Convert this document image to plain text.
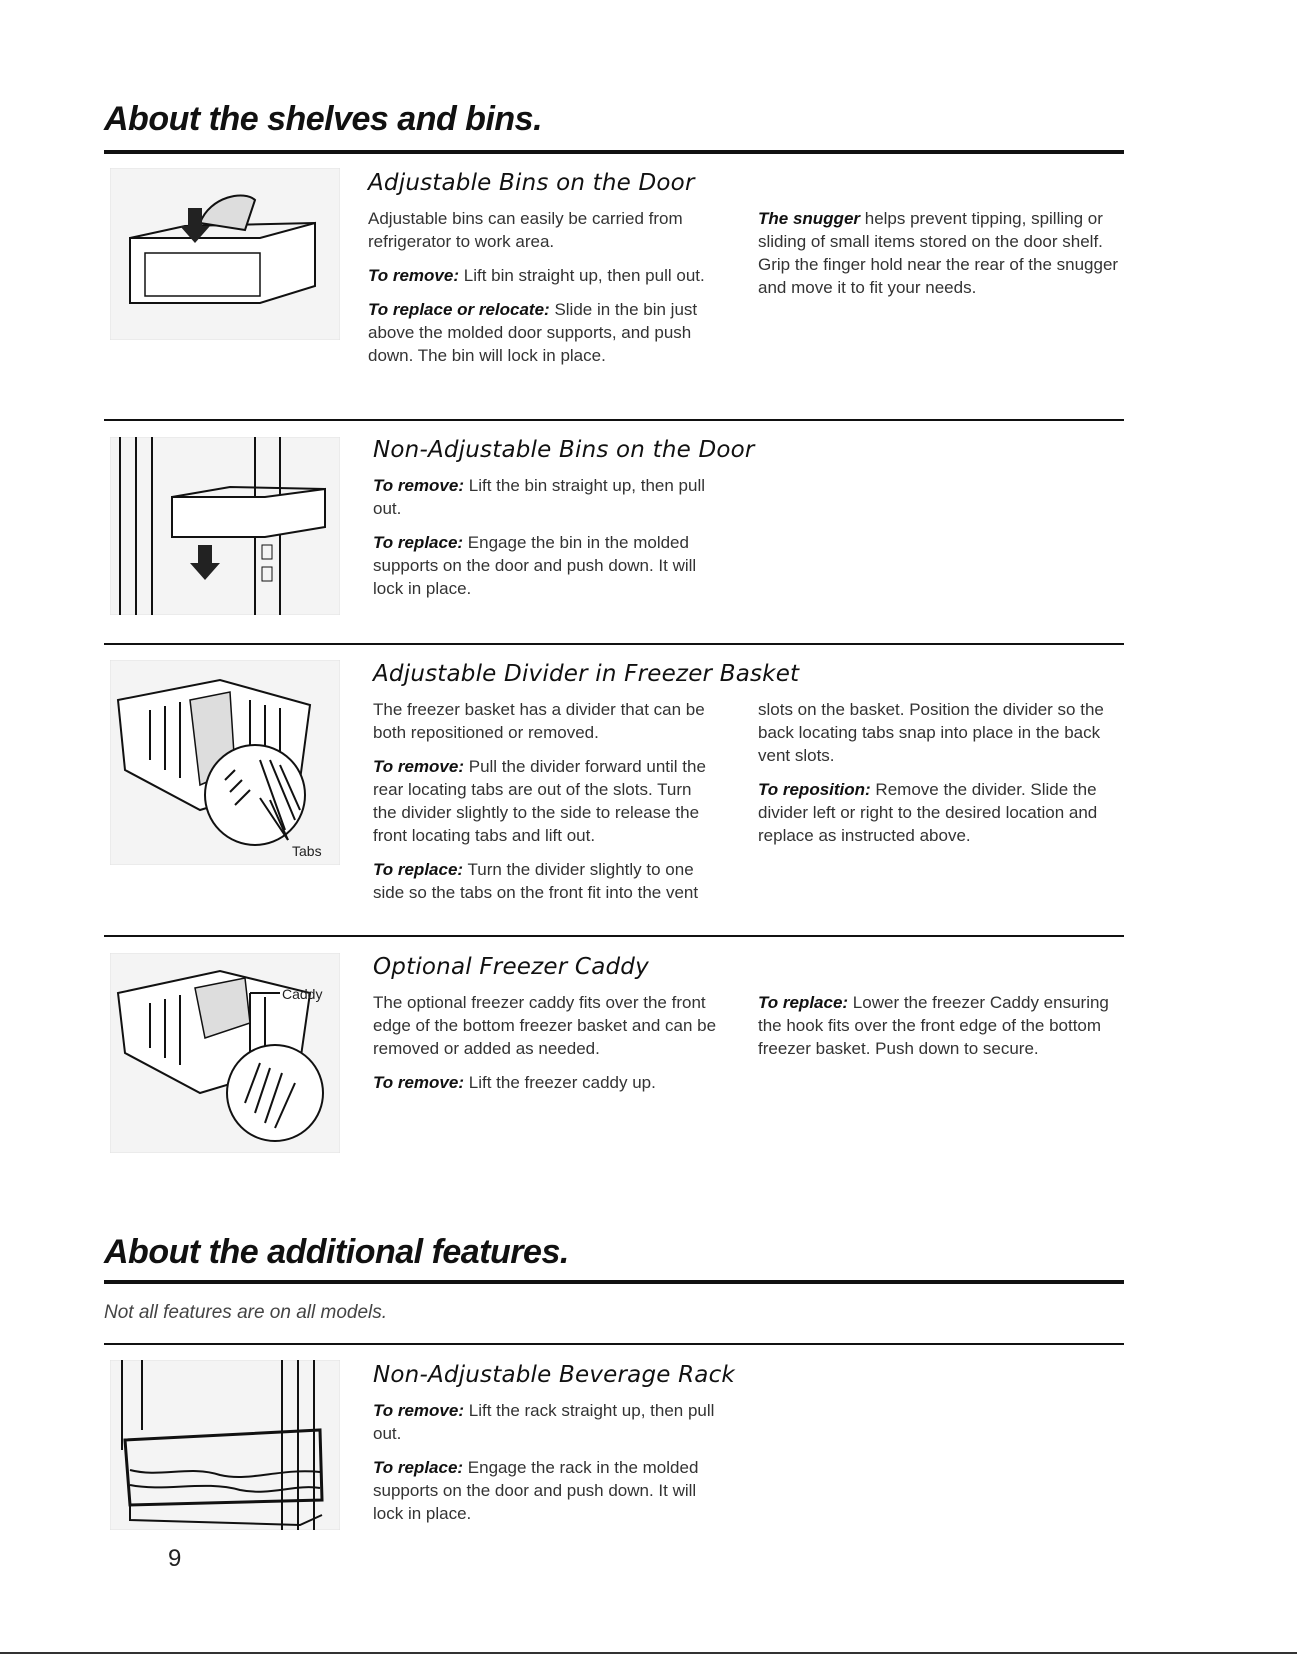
About the shelves and bins.
Adjustable Bins on the Door

Adjustable bins can easily be carried from refrigerator to work area.

To remove: Lift bin straight up, then pull out.

To replace or relocate: Slide in the bin just above the molded door supports, and push down. The bin will lock in place.

The snugger helps prevent tipping, spilling or sliding of small items stored on the door shelf. Grip the finger hold near the rear of the snugger and move it to fit your needs.

Non-Adjustable Bins on the Door

To remove: Lift the bin straight up, then pull out.

To replace: Engage the bin in the molded supports on the door and push down. It will lock in place.

Tabs
Adjustable Divider in Freezer Basket

The freezer basket has a divider that can be both repositioned or removed.

To remove: Pull the divider forward until the rear locating tabs are out of the slots. Turn the divider slightly to the side to release the front locating tabs and lift out.

To replace: Turn the divider slightly to one side so the tabs on the front fit into the vent

slots on the basket. Position the divider so the back locating tabs snap into place in the back vent slots.

To reposition: Remove the divider. Slide the divider left or right to the desired location and replace as instructed above.

Caddy
Optional Freezer Caddy

The optional freezer caddy fits over the front edge of the bottom freezer basket and can be removed or added as needed.

To remove: Lift the freezer caddy up.

To replace: Lower the freezer Caddy ensuring the hook fits over the front edge of the bottom freezer basket. Push down to secure.

About the additional features.
Not all features are on all models.
Non-Adjustable Beverage Rack

To remove: Lift the rack straight up, then pull out.

To replace: Engage the rack in the molded supports on the door and push down. It will lock in place.

9
